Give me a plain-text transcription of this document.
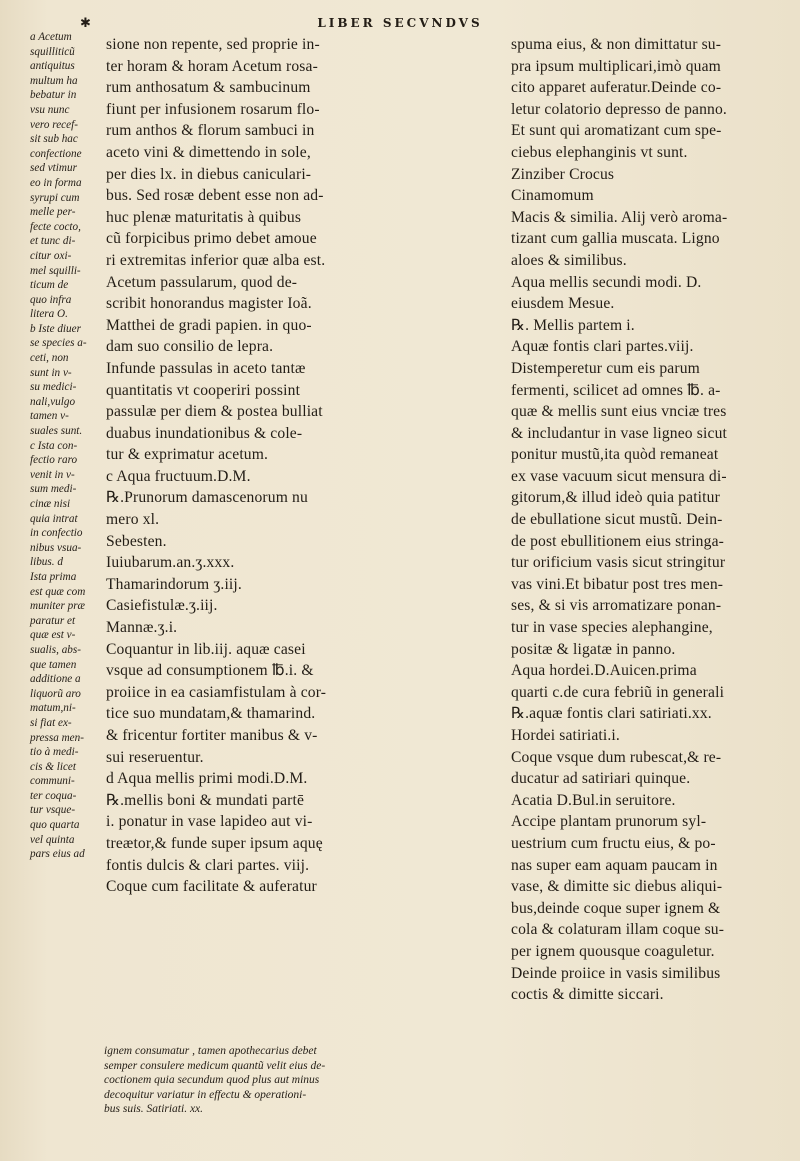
✱	LIBER SECVNDVS
a Acetum
squilliticũ
antiquitus
multum ha
bebatur in
vsu nunc
vero recef-
sit sub hac
confectione
sed vtimur
eo in forma
syrupi cum
melle per-
fecte cocto,
et tunc di-
citur oxi-
mel squilli-
ticum de
quo infra
litera O.
b Iste diuer
se species a-
ceti, non
sunt in v-
su medici-
nali,vulgo
tamen v-
suales sunt.
c Ista con-
fectio raro
venit in v-
sum medi-
cinæ nisi
quia intrat
in confectio
nibus vsua-
libus. d
Ista prima
est quæ com
muniter præ
paratur et
quæ est v-
sualis, abs-
que tamen
additione a
liquorũ aro
matum,ni-
si fiat ex-
pressa men-
tio à medi-
cis & licet
communi-
ter coqua-
tur vsque-
quo quarta
vel quinta
pars eius ad
sione non repente, sed proprie in-
ter horam & horam Acetum rosa-
rum anthosatum & sambucinum
fiunt per infusionem rosarum flo-
rum anthos & florum sambuci in
aceto vini & dimettendo in sole,
per dies lx. in diebus caniculari-
bus. Sed rosæ debent esse non ad-
huc plenæ maturitatis à quibus
cũ forpicibus primo debet amoue
ri extremitas inferior quæ alba est.
Acetum passularum, quod de-
scribit honorandus magister Ioã.
Matthei de gradi papien. in quo-
dam suo consilio de lepra.
Infunde passulas in aceto tantæ
quantitatis vt cooperiri possint
passulæ per diem & postea bulliat
duabus inundationibus & cole-
tur & exprimatur acetum.
c Aqua fructuum.D.M.
℞.Prunorum damascenorum nu
mero xl.
Sebesten.
Iuiubarum.an.ʒ.xxx.
Thamarindorum ʒ.iij.
Casiefistulæ.ʒ.iij.
Mannæ.ʒ.i.
Coquantur in lib.iij. aquæ casei
vsque ad consumptionem ℔.i. &
proiice in ea casiamfistulam à cor-
tice suo mundatam,& thamarind.
& fricentur fortiter manibus & v-
sui reseruentur.
d Aqua mellis primi modi.D.M.
℞.mellis boni & mundati partē
i. ponatur in vase lapideo aut vi-
treætor,& funde super ipsum aquę
fontis dulcis & clari partes. viij.
Coque cum facilitate & auferatur
ignem consumatur , tamen apothecarius debet
semper consulere medicum quantũ velit eius de-
coctionem quia secundum quod plus aut minus
decoquitur variatur in effectu & operationi-
bus suis. Satiriati. xx.
spuma eius, & non dimittatur su-
pra ipsum multiplicari,imò quam
cito apparet auferatur.Deinde co-
letur colatorio depresso de panno.
Et sunt qui aromatizant cum spe-
ciebus elephanginis vt sunt.
Zinziber Crocus
Cinamomum
Macis & similia. Alij verò aroma-
tizant cum gallia muscata. Ligno
aloes & similibus.
Aqua mellis secundi modi. D.
eiusdem Mesue.
℞. Mellis partem i.
Aquæ fontis clari partes.viij.
Distemperetur cum eis parum
fermenti, scilicet ad omnes ℔. a-
quæ & mellis sunt eius vnciæ tres
& includantur in vase ligneo sicut
ponitur mustũ,ita quòd remaneat
ex vase vacuum sicut mensura di-
gitorum,& illud ideò quia patitur
de ebullatione sicut mustũ. Dein-
de post ebullitionem eius stringa-
tur orificium vasis sicut stringitur
vas vini.Et bibatur post tres men-
ses, & si vis arromatizare ponan-
tur in vase species alephangine,
positæ & ligatæ in panno.
Aqua hordei.D.Auicen.prima
quarti c.de cura febriũ in generali
℞.aquæ fontis clari satiriati.xx.
Hordei satiriati.i.
Coque vsque dum rubescat,& re-
ducatur ad satiriari quinque.
Acatia D.Bul.in seruitore.
Accipe plantam prunorum syl-
uestrium cum fructu eius, & po-
nas super eam aquam paucam in
vase, & dimitte sic diebus aliqui-
bus,deinde coque super ignem &
cola & colaturam illam coque su-
per ignem quousque coaguletur.
Deinde proiice in vasis similibus
coctis & dimitte siccari.
